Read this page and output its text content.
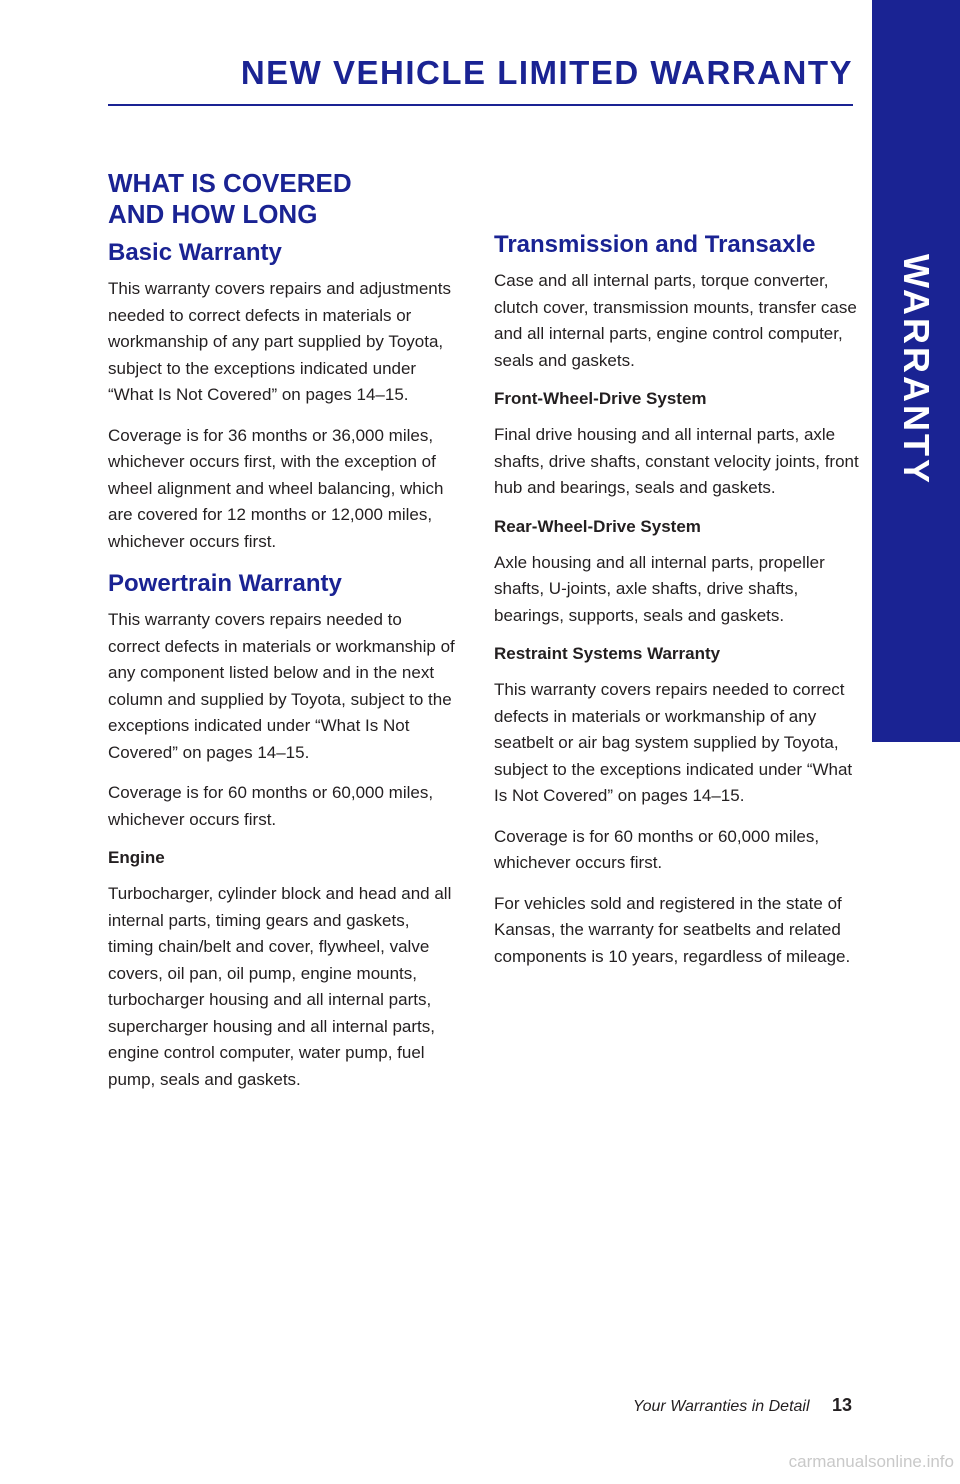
NEW VEHICLE LIMITED WARRANTY
WARRANTY
WHAT IS COVERED
AND HOW LONG
Basic Warranty

This warranty covers repairs and adjustments needed to correct defects in materials or workmanship of any part supplied by Toyota, subject to the exceptions indicated under “What Is Not Covered” on pages 14–15.

Coverage is for 36 months or 36,000 miles, whichever occurs first, with the exception of wheel alignment and wheel balancing, which are covered for 12 months or 12,000 miles, whichever occurs first.

Powertrain Warranty

This warranty covers repairs needed to correct defects in materials or workmanship of any component listed below and in the next column and supplied by Toyota, subject to the exceptions indicated under “What Is Not Covered” on pages 14–15.

Coverage is for 60 months or 60,000 miles, whichever occurs first.

Engine

Turbocharger, cylinder block and head and all internal parts, timing gears and gaskets, timing chain/belt and cover, flywheel, valve covers, oil pan, oil pump, engine mounts, turbocharger housing and all internal parts, supercharger housing and all internal parts, engine control computer, water pump, fuel pump, seals and gaskets.

Transmission and Transaxle

Case and all internal parts, torque converter, clutch cover, transmission mounts, transfer case and all internal parts, engine control computer, seals and gaskets.

Front-Wheel-Drive System

Final drive housing and all internal parts, axle shafts, drive shafts, constant velocity joints, front hub and bearings, seals and gaskets.

Rear-Wheel-Drive System

Axle housing and all internal parts, propeller shafts, U-joints, axle shafts, drive shafts, bearings, supports, seals and gaskets.

Restraint Systems Warranty

This warranty covers repairs needed to correct defects in materials or workmanship of any seatbelt or air bag system supplied by Toyota, subject to the exceptions indicated under “What Is Not Covered” on pages 14–15.

Coverage is for 60 months or 60,000 miles, whichever occurs first.

For vehicles sold and registered in the state of Kansas, the warranty for seatbelts and related components is 10 years, regardless of mileage.

Your Warranties in Detail 13
carmanualsonline.info
